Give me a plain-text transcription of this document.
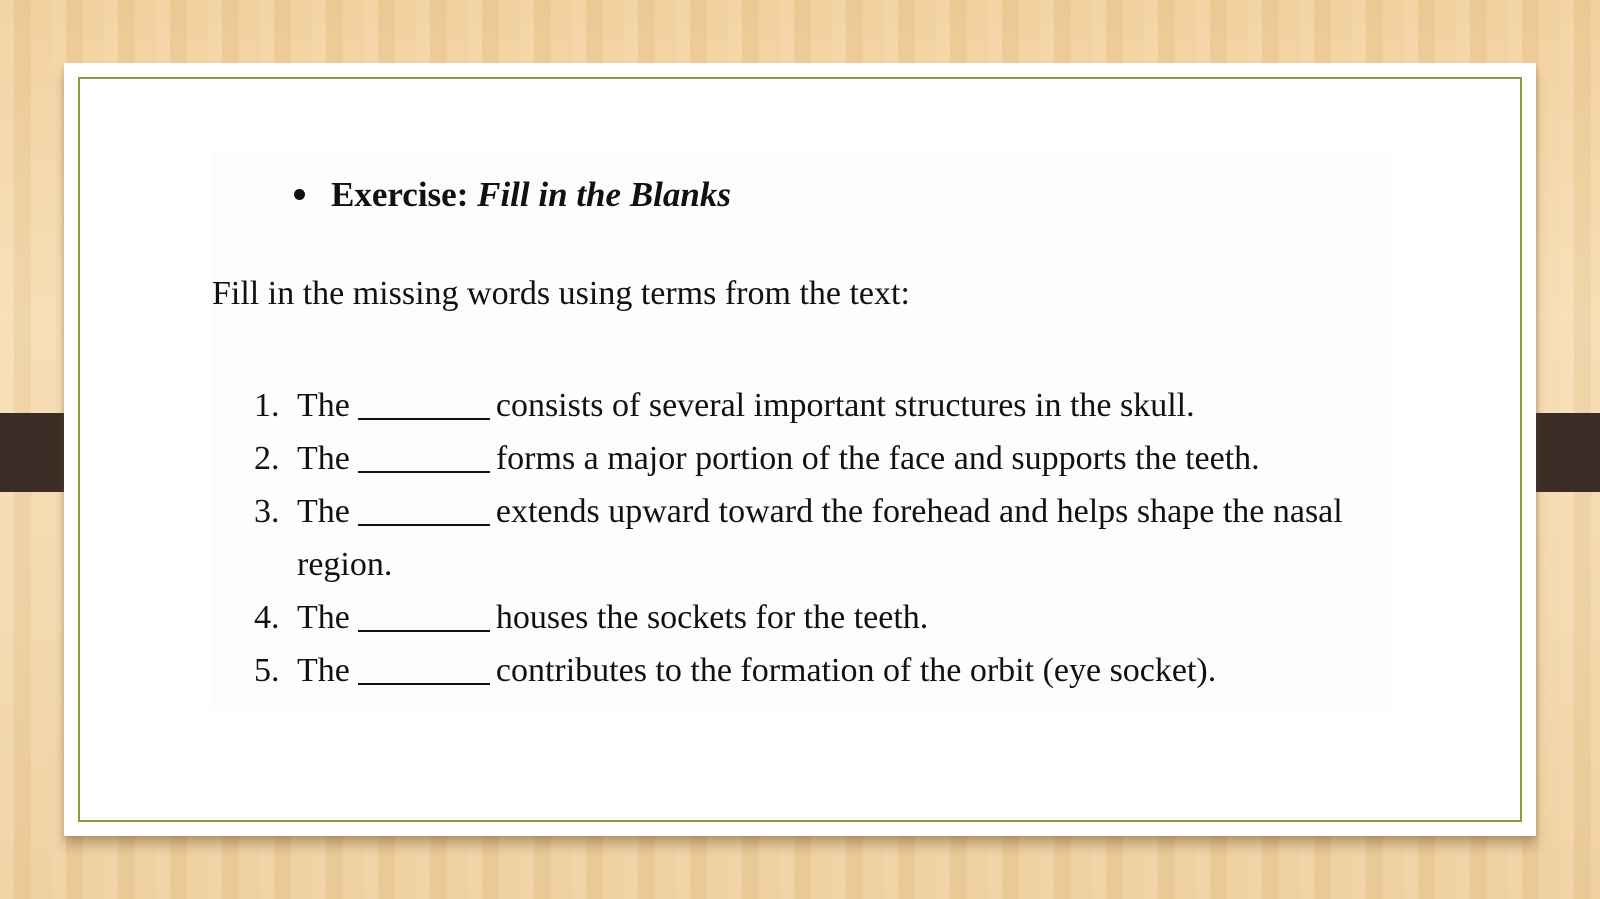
Exercise: Fill in the Blanks
Fill in the missing words using terms from the text:
1. The	consists of several important structures in the skull.
2. The	forms a major portion of the face and supports the teeth.
3. The	extends upward toward the forehead and helps shape the nasal region.
4. The	houses the sockets for the teeth.
5. The	contributes to the formation of the orbit (eye socket).
